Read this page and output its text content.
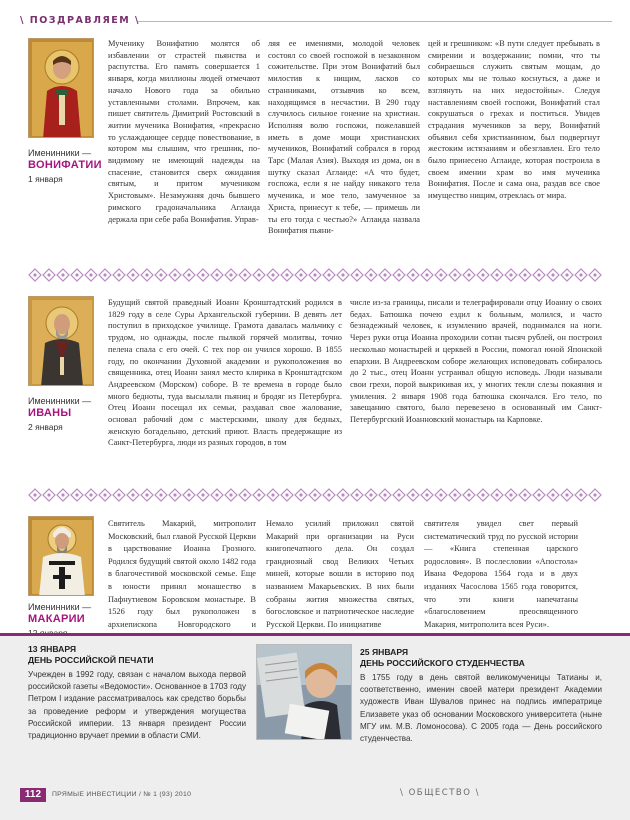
\ ПОЗДРАВЛЯЕМ \
Именинники —
ВОНИФАТИИ
1 января

Мученику Вонифатию молятся об избавлении от страстей пьянства и распутства. Его память совершается 1 января, когда миллионы людей отмечают начало Нового года за обильно уставленными столами. Впрочем, как пишет святитель Димитрий Ростовский в житии мученика Вонифатия, «прекрасно то услаждающее сердце повествование, в котором мы слышим, что грешник, по-видимому не имеющий надежды на спасение, становится сверх ожидания святым, и притом мучеником Христовым». Незамужняя дочь бывшего римского градоначальника Аглаида держала при себе раба Вонифатия. Управ-

ляя ее имениями, молодой человек состоял со своей госпожой в незаконном сожительстве. При этом Вонифатий был милостив к нищим, ласков со странниками, отзывчив ко всем, находящимся в несчастии. В 290 году случилось сильное гонение на христиан. Исполняя волю госпожи, пожелавшей иметь в доме мощи христианских мучеников, Вонифатий собрался в город Тарс (Малая Азия). Выходя из дома, он в шутку сказал Аглаиде: «А что будет, госпожа, если я не найду никакого тела мученика, и мое тело, замученное за Христа, принесут к тебе, — примешь ли ты его тогда с честью?» Аглаида назвала Вонифатия пьяни-

цей и грешником: «В пути следует пребывать в смирении и воздержании; помни, что ты собираешься служить святым мощам, до которых мы не только коснуться, а даже и взглянуть на них недостойны». Следуя наставлениям своей госпожи, Вонифатий стал сокрушаться о грехах и поститься. Увидев страдания мучеников за веру, Вонифатий объявил себя христианином, был подвергнут жестоким истязаниям и обезглавлен. Его тело было принесено Аглаиде, которая построила в своем имении храм во имя мученика Вонифатия. После и сама она, раздав все свое имущество нищим, отреклась от мира.

Именинники —
ИВАНЫ
2 января

Будущий святой праведный Иоанн Кронштадтский родился в 1829 году в селе Суры Архангельской губернии. В девять лет поступил в приходское училище. Грамота давалась мальчику с трудом, но однажды, после пылкой горячей молитвы, точно пелена спала с его очей. С тех пор он учился хорошо. В 1855 году, по окончании Духовной академии и рукоположения во священника, отец Иоанн занял место клирика в Кронштадтском Андреевском (Морском) соборе. В те времена в городе было много бедноты, туда высылали пьяниц и бродяг из Петербурга. Отец Иоанн посещал их семьи, раздавал свое жалование, основал рабочий дом с мастерскими, школу для бедных, женскую богадельню, детский приют. Власть предержащие из Санкт-Петербурга, люди из разных городов, в том

числе из-за границы, писали и телеграфировали отцу Иоанну о своих бедах. Батюшка почею ездил к больным, молился, и часто безнадежный человек, к изумлению врачей, поднимался на ноги. Через руки отца Иоанна проходили сотни тысяч рублей, он построил несколько монастырей и церквей в России, помогал юной Японской епархии. В Андреевском соборе желающих исповедовать собиралось до 2 тыс., отец Иоанн устраивал общую исповедь. Люди называли свои грехи, порой выкрикивая их, у многих текли слезы покаяния и умиления. 2 января 1908 года батюшка скончался. Его тело, по завещанию святого, было перевезено в основанный им Санкт-Петербургский Иоанновский монастырь на Карповке.

Именинники —
МАКАРИИ

Святитель Макарий, митрополит Московский, был главой Русской Церкви в царствование Иоанна Грозного. Родился будущий святой около 1482 года в благочестивой московской семье. Еще в юности принял монашество в Пафнутиевом Боровском монастыре. В 1526 году был рукоположен в архиепископа Новгородского и

Немало усилий приложил святой Макарий при организации на Руси книгопечатного дела. Он создал грандиозный свод Великих Четьих миней, которые вошли в историю под названием Макарьевских. В них были собраны жития множества святых, богословское и патриотическое наследие Русской Церкви. По инициативе

святителя увидел свет первый систематический труд по русской истории — «Книга степенная царского родословия». В послесловии «Апостола» Ивана Федорова 1564 года и в двух изданиях Часослова 1565 года говорится, что эти книги напечатаны «благословением преосвященного Макария, митрополита всея Руси».

13 ЯНВАРЯ
ДЕНЬ РОССИЙСКОЙ ПЕЧАТИ
Учрежден в 1992 году, связан с началом выхода первой российской газеты «Ведомости». Основанное в 1703 году Петром I издание рассматривалось как средство борьбы за проведение реформ и утверждения могущества Российской империи. 13 января президент России традиционно вручает премии в области СМИ.
25 ЯНВАРЯ
ДЕНЬ РОССИЙСКОГО СТУДЕНЧЕСТВА
В 1755 году в день святой великомученицы Татианы и, соответственно, именин своей матери президент Академии художеств Иван Шувалов принес на подпись императрице Елизавете указ об основании Московского университета (ныне МГУ им. М.В. Ломоносова). С 2005 года — День российского студенчества.
112	ПРЯМЫЕ ИНВЕСТИЦИИ / № 1 (93) 2010	\ ОБЩЕСТВО \
